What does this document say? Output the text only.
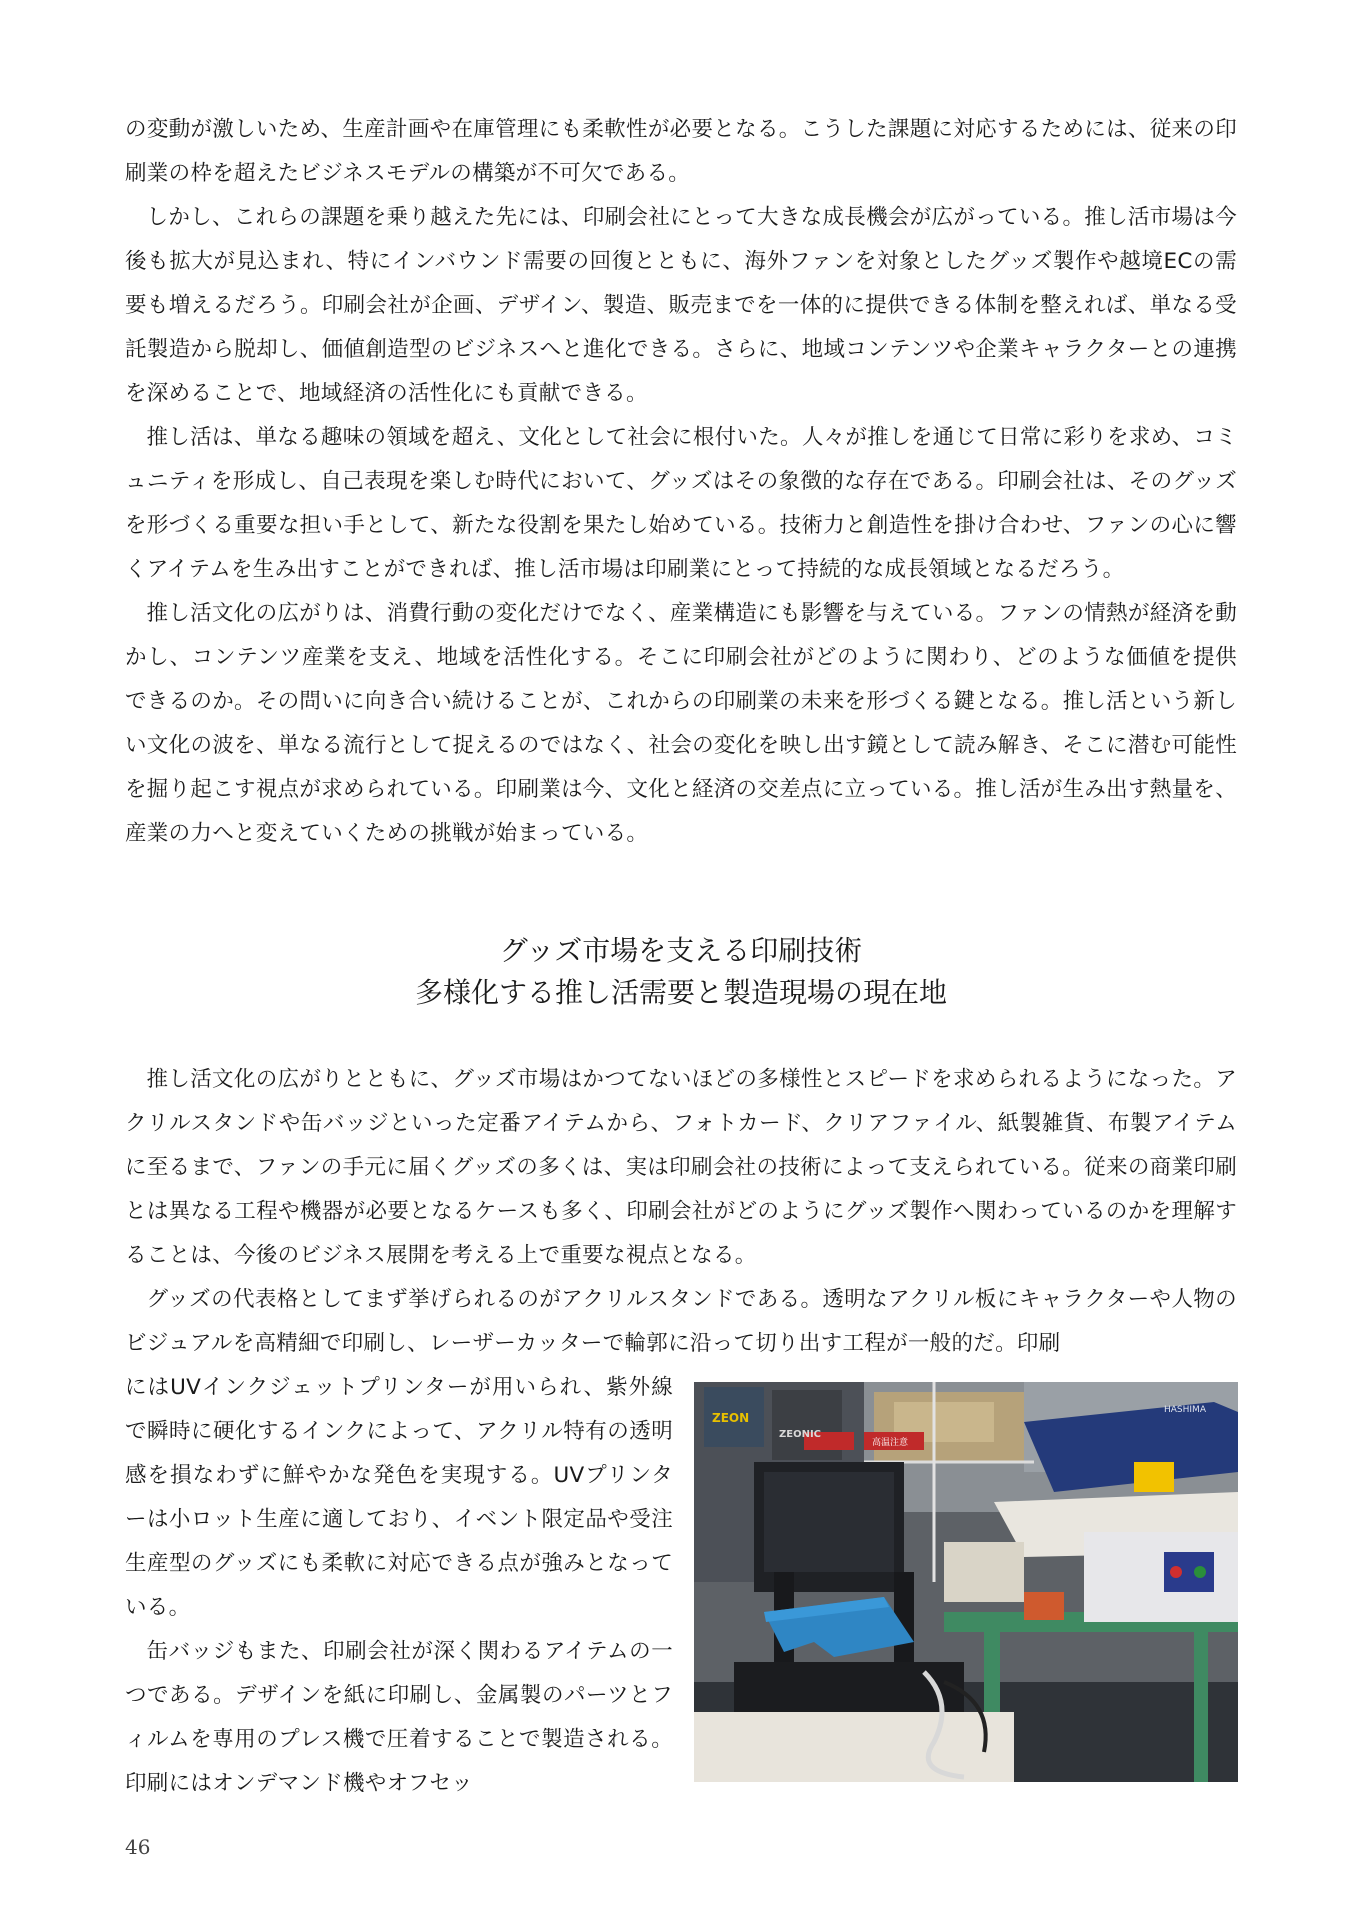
の変動が激しいため、生産計画や在庫管理にも柔軟性が必要となる。こうした課題に対応するためには、従来の印刷業の枠を超えたビジネスモデルの構築が不可欠である。

しかし、これらの課題を乗り越えた先には、印刷会社にとって大きな成長機会が広がっている。推し活市場は今後も拡大が見込まれ、特にインバウンド需要の回復とともに、海外ファンを対象としたグッズ製作や越境ECの需要も増えるだろう。印刷会社が企画、デザイン、製造、販売までを一体的に提供できる体制を整えれば、単なる受託製造から脱却し、価値創造型のビジネスへと進化できる。さらに、地域コンテンツや企業キャラクターとの連携を深めることで、地域経済の活性化にも貢献できる。

推し活は、単なる趣味の領域を超え、文化として社会に根付いた。人々が推しを通じて日常に彩りを求め、コミュニティを形成し、自己表現を楽しむ時代において、グッズはその象徴的な存在である。印刷会社は、そのグッズを形づくる重要な担い手として、新たな役割を果たし始めている。技術力と創造性を掛け合わせ、ファンの心に響くアイテムを生み出すことができれば、推し活市場は印刷業にとって持続的な成長領域となるだろう。

推し活文化の広がりは、消費行動の変化だけでなく、産業構造にも影響を与えている。ファンの情熱が経済を動かし、コンテンツ産業を支え、地域を活性化する。そこに印刷会社がどのように関わり、どのような価値を提供できるのか。その問いに向き合い続けることが、これからの印刷業の未来を形づくる鍵となる。推し活という新しい文化の波を、単なる流行として捉えるのではなく、社会の変化を映し出す鏡として読み解き、そこに潜む可能性を掘り起こす視点が求められている。印刷業は今、文化と経済の交差点に立っている。推し活が生み出す熱量を、産業の力へと変えていくための挑戦が始まっている。

グッズ市場を支える印刷技術
多様化する推し活需要と製造現場の現在地

推し活文化の広がりとともに、グッズ市場はかつてないほどの多様性とスピードを求められるようになった。アクリルスタンドや缶バッジといった定番アイテムから、フォトカード、クリアファイル、紙製雑貨、布製アイテムに至るまで、ファンの手元に届くグッズの多くは、実は印刷会社の技術によって支えられている。従来の商業印刷とは異なる工程や機器が必要となるケースも多く、印刷会社がどのようにグッズ製作へ関わっているのかを理解することは、今後のビジネス展開を考える上で重要な視点となる。

グッズの代表格としてまず挙げられるのがアクリルスタンドである。透明なアクリル板にキャラクターや人物のビジュアルを高精細で印刷し、レーザーカッターで輪郭に沿って切り出す工程が一般的だ。印刷

にはUVインクジェットプリンターが用いられ、紫外線で瞬時に硬化するインクによって、アクリル特有の透明感を損なわずに鮮やかな発色を実現する。UVプリンターは小ロット生産に適しており、イベント限定品や受注生産型のグッズにも柔軟に対応できる点が強みとなっている。

缶バッジもまた、印刷会社が深く関わるアイテムの一つである。デザインを紙に印刷し、金属製のパーツとフィルムを専用のプレス機で圧着することで製造される。印刷にはオンデマンド機やオフセッ

ZEON
ZEONIC
高温注意
HASHIMA
46
